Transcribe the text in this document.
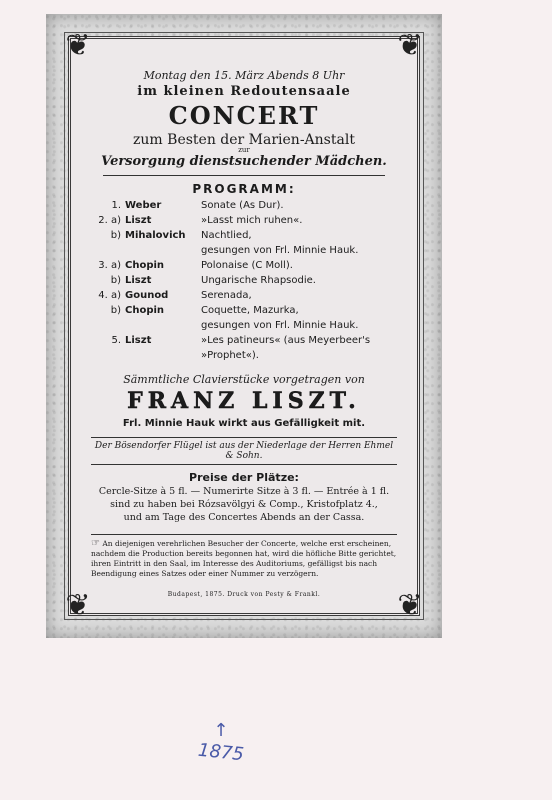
❦	❦
❦	❦
Montag den 15. März Abends 8 Uhr
im kleinen Redoutensaale
CONCERT
zum Besten der Marien-Anstalt
zur
Versorgung dienstsuchender Mädchen.
PROGRAMM:
1.	Weber	Sonate (As Dur).
2. a)	Liszt	»Lasst mich ruhen«.
b)	Mihalovich	Nachtlied,
		gesungen von Frl. Minnie Hauk.
3. a)	Chopin	Polonaise (C Moll).
b)	Liszt	Ungarische Rhapsodie.
4. a)	Gounod	Serenada,
b)	Chopin	Coquette, Mazurka,
		gesungen von Frl. Minnie Hauk.
5.	Liszt	»Les patineurs« (aus Meyerbeer's
		»Prophet«).
Sämmtliche Clavierstücke vorgetragen von
FRANZ LISZT.
Frl. Minnie Hauk wirkt aus Gefälligkeit mit.
Der Bösendorfer Flügel ist aus der Niederlage der Herren Ehmel & Sohn.
Preise der Plätze:
Cercle-Sitze à 5 fl. — Numerirte Sitze à 3 fl. — Entrée à 1 fl.
sind zu haben bei Rózsavölgyi & Comp., Kristofplatz 4.,
und am Tage des Concertes Abends an der Cassa.
☞ An diejenigen verehrlichen Besucher der Concerte, welche erst erscheinen, nachdem die Production bereits begonnen hat, wird die höfliche Bitte gerichtet, ihren Eintritt in den Saal, im Interesse des Auditoriums, gefälligst bis nach Beendigung eines Satzes oder einer Nummer zu verzögern.
Budapest, 1875. Druck von Pesty & Frankl.
↑
1875
